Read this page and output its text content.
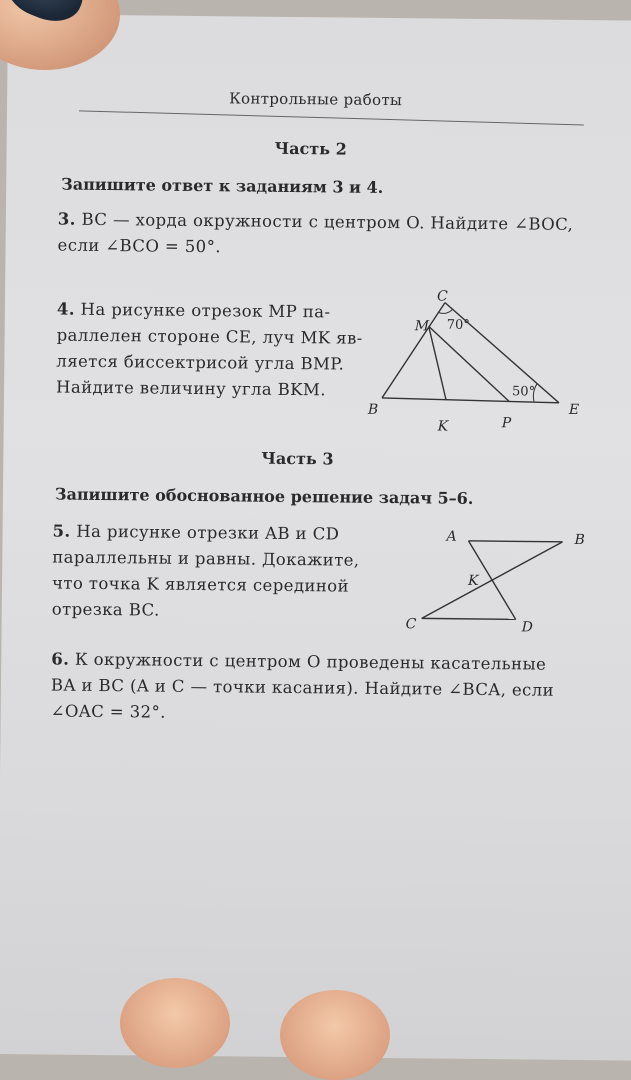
Контрольные работы
Часть 2
Запишите ответ к заданиям 3 и 4.
3. BC — хорда окружности с центром O. Найдите ∠BOC,
если ∠BCO = 50°.
4. На рисунке отрезок MP па-
раллелен стороне CE, луч MK яв-
ляется биссектрисой угла BMP.
Найдите величину угла BKM.
C
M
B
K	P
E
70°
50°
Часть 3
Запишите обоснованное решение задач 5–6.
5. На рисунке отрезки AB и CD
параллельны и равны. Докажите,
что точка K является серединой
отрезка BC.
A	B
K
C	D
6. К окружности с центром O проведены касательные
BA и BC (A и C — точки касания). Найдите ∠BCA, если
∠OAC = 32°.
